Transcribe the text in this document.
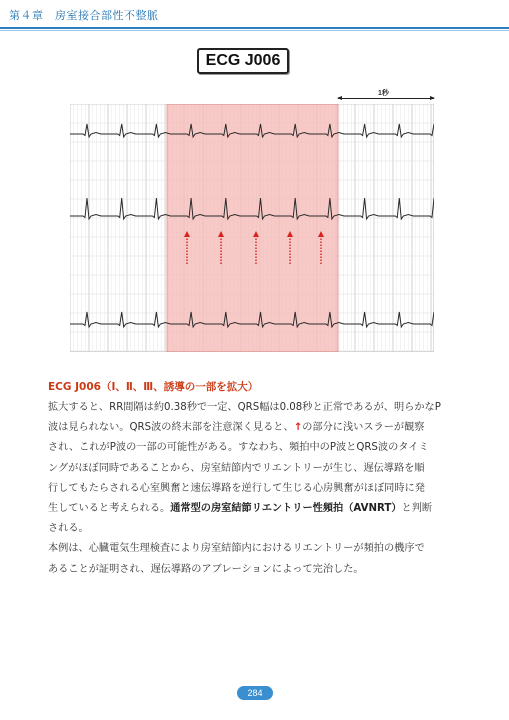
第４章　房室接合部性不整脈
ECG J006
1秒
ECG J006（Ⅰ、Ⅱ、Ⅲ、誘導の一部を拡大）
拡大すると、RR間隔は約0.38秒で一定、QRS幅は0.08秒と正常であるが、明らかなP
波は見られない。QRS波の終末部を注意深く見ると、↑の部分に浅いスラーが観察
され、これがP波の一部の可能性がある。すなわち、頻拍中のP波とQRS波のタイミ
ングがほぼ同時であることから、房室結節内でリエントリーが生じ、遅伝導路を順
行してもたらされる心室興奮と速伝導路を逆行して生じる心房興奮がほぼ同時に発
生していると考えられる。通常型の房室結節リエントリー性頻拍（AVNRT）と判断
される。
本例は、心臓電気生理検査により房室結節内におけるリエントリーが頻拍の機序で
あることが証明され、遅伝導路のアブレーションによって完治した。
284
